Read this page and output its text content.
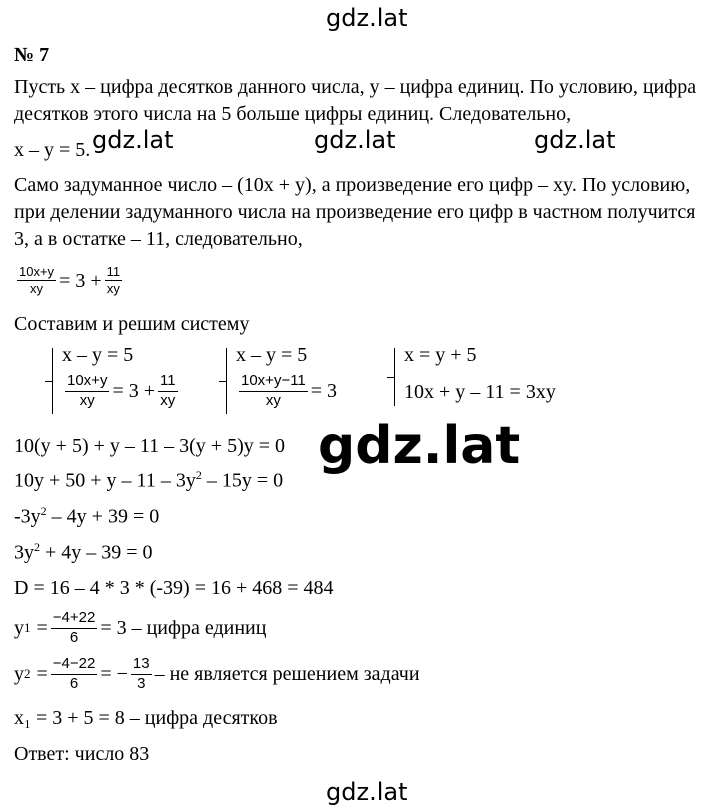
gdz.lat
gdz.lat	gdz.lat	gdz.lat
gdz.lat
gdz.lat
№ 7
Пусть x – цифра десятков данного числа, y – цифра единиц. По условию, цифра десятков этого числа на 5 больше цифры единиц. Следовательно,
x – y = 5.
Само задуманное число – (10x + y), а произведение его цифр – xy. По условию, при делении задуманного числа на произведение его цифр в частном получится 3, а в остатке – 11, следовательно,
$\frac{10x+y}{xy} = 3 + \frac{11}{xy}$
Составим и решим систему
x – y = 5
$\frac{10x+y}{xy} = 3 + \frac{11}{xy}$
x – y = 5
$\frac{10x+y-11}{xy} = 3$
x = y + 5
10x + y – 11 = 3xy
10(y + 5) + y – 11 – 3(y + 5)y = 0
$10y + 50 + y - 11 - 3y^2 - 15y = 0$
$-3y^2 - 4y + 39 = 0$
$3y^2 + 4y - 39 = 0$
D = 16 – 4 * 3 * (-39) = 16 + 468 = 484
y $1 = \frac{-4+22}{6} = 3$ – цифра единиц
y $2 = \frac{-4-22}{6}$ = − $\frac{13}{3}$ – не является решением задачи
x₁ = 3 + 5 = 8 – цифра десятков
Ответ: число 83
